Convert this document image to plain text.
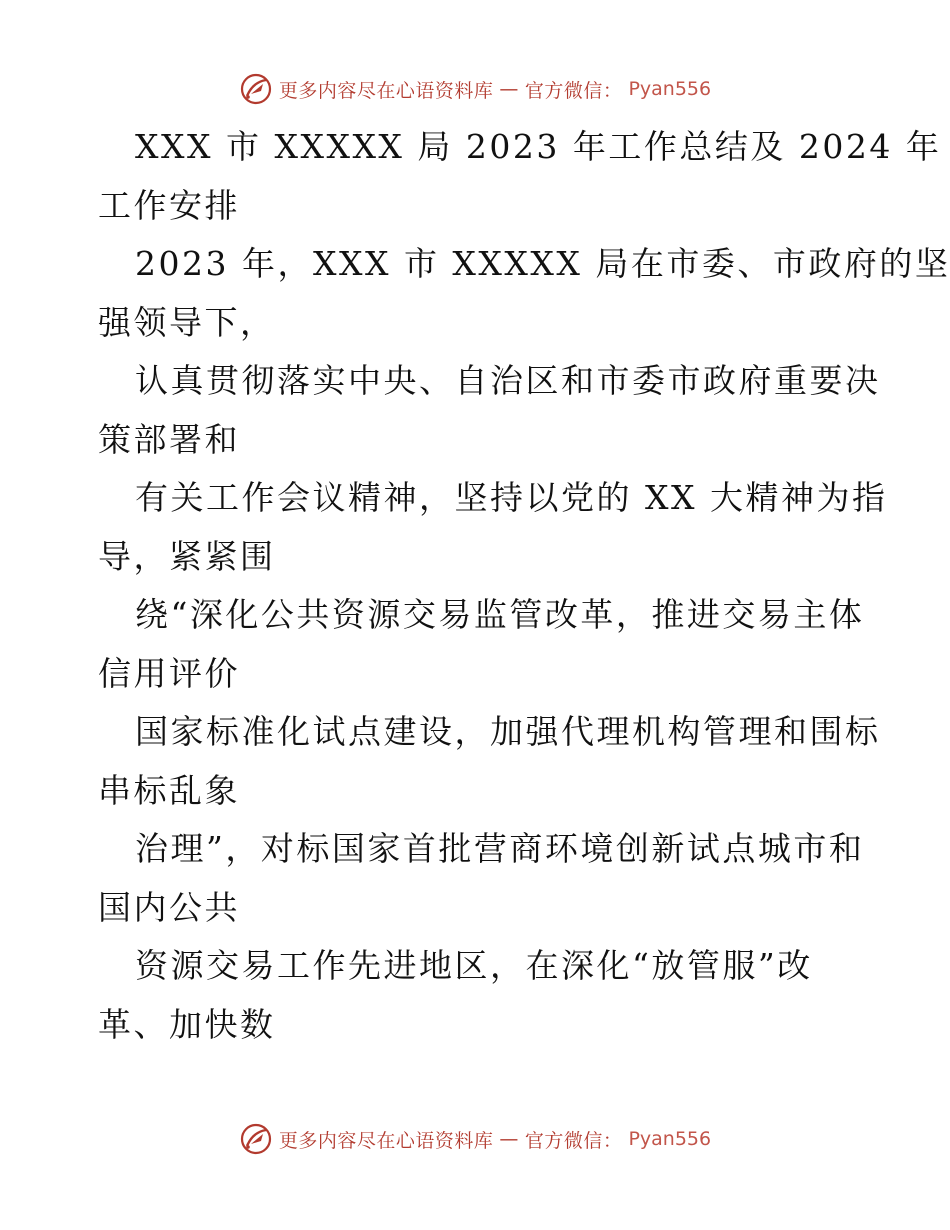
更多内容尽在心语资料库 — 官方微信： Pyan556
XXX 市 XXXXX 局 2023 年工作总结及 2024 年
工作安排
2023 年，XXX 市 XXXXX 局在市委、市政府的坚
强领导下，
认真贯彻落实中央、自治区和市委市政府重要决
策部署和
有关工作会议精神，坚持以党的 XX 大精神为指
导，紧紧围
绕“深化公共资源交易监管改革，推进交易主体
信用评价
国家标准化试点建设，加强代理机构管理和围标
串标乱象
治理”，对标国家首批营商环境创新试点城市和
国内公共
资源交易工作先进地区，在深化“放管服”改
革、加快数
更多内容尽在心语资料库 — 官方微信： Pyan556
